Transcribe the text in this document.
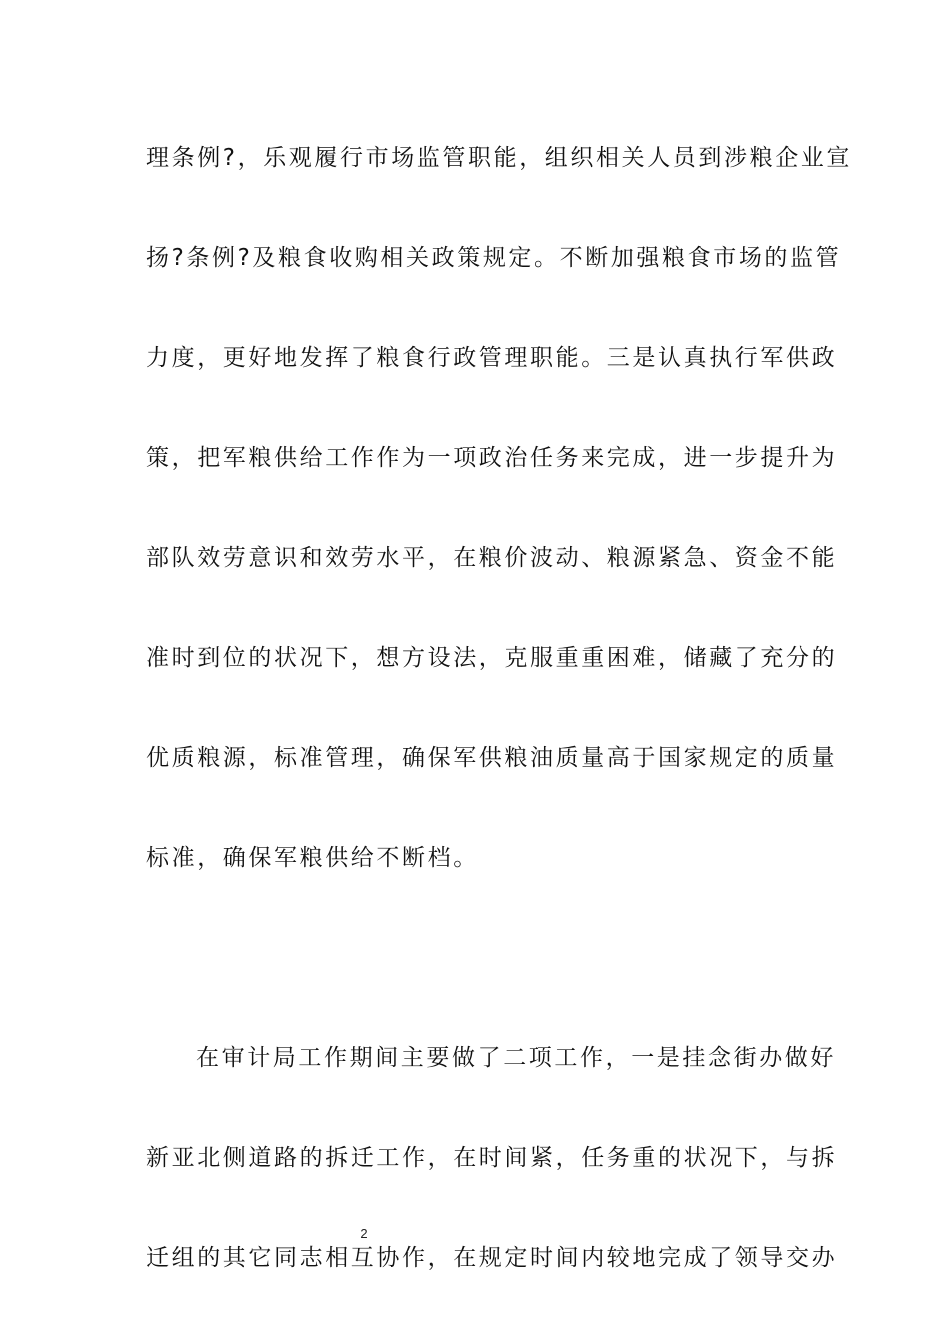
理条例?，乐观履行市场监管职能，组织相关人员到涉粮企业宣
扬?条例?及粮食收购相关政策规定。不断加强粮食市场的监管
力度，更好地发挥了粮食行政管理职能。三是认真执行军供政
策，把军粮供给工作作为一项政治任务来完成，进一步提升为
部队效劳意识和效劳水平，在粮价波动、粮源紧急、资金不能
准时到位的状况下，想方设法，克服重重困难，储藏了充分的
优质粮源，标准管理，确保军供粮油质量高于国家规定的质量
标准，确保军粮供给不断档。
在审计局工作期间主要做了二项工作，一是挂念街办做好
新亚北侧道路的拆迁工作，在时间紧，任务重的状况下，与拆
迁组的其它同志相互协作，在规定时间内较地完成了领导交办
2
